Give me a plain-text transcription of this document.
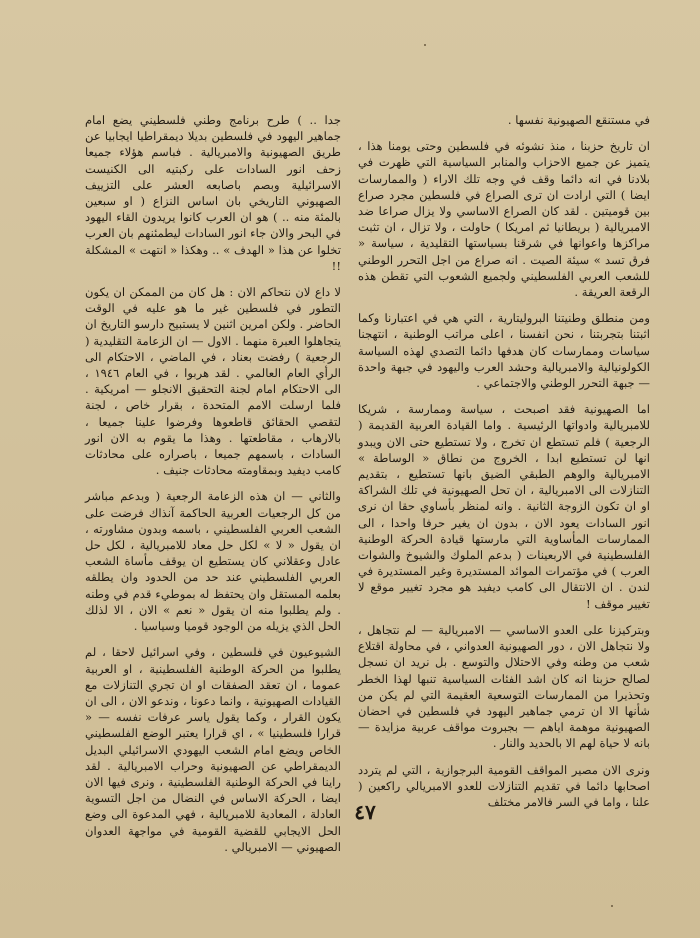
في مستنقع الصهيونية نفسها .

ان تاريخ حزبنا ، منذ نشوئه في فلسطين وحتى يومنا هذا ، يتميز عن جميع الاحزاب والمنابر السياسية التي ظهرت في بلادنا في انه دائما وقف في وجه تلك الاراء ( والممارسات ايضا ) التي ارادت ان ترى الصراع في فلسطين مجرد صراع بين قوميتين . لقد كان الصراع الاساسي ولا يزال صراعا ضد الامبريالية ( بريطانيا ثم امريكا ) حاولت ، ولا تزال ، ان تثبت مراكزها واعوانها في شرقنا بسياستها التقليدية ، سياسة « فرق تسد » سيئة الصيت . انه صراع من اجل التحرر الوطني للشعب العربي الفلسطيني ولجميع الشعوب التي تقطن هذه الرقعة العريقة .

ومن منطلق وطنيتنا البروليتارية ، التي هي في اعتبارنا وكما اثبتنا بتجربتنا ، نحن انفسنا ، اعلى مراتب الوطنية ، انتهجنا سياسات وممارسات كان هدفها دائما التصدي لهذه السياسة الكولونيالية والامبريالية وحشد العرب واليهود في جبهة واحدة — جبهة التحرر الوطني والاجتماعي .

اما الصهيونية فقد اصبحت ، سياسة وممارسة ، شريكا للامبريالية وادواتها الرئيسية . واما القيادة العربية القديمة ( الرجعية ) فلم تستطع ان تخرج ، ولا تستطيع حتى الان ويبدو انها لن تستطيع ابدا ، الخروج من نطاق « الوساطة » الامبريالية والوهم الطبقي الضيق بانها تستطيع ، بتقديم التنازلات الى الامبريالية ، ان تحل الصهيونية في تلك الشراكة او ان تكون الزوجة الثانية . وانه لمنظر بأساوي حقا ان نرى انور السادات يعود الان ، بدون ان يغير حرفا واحدا ، الى الممارسات المأساوية التي مارستها قيادة الحركة الوطنية الفلسطينية في الاربعينات ( بدعم الملوك والشيوخ والشوات العرب ) في مؤتمرات الموائد المستديرة وغير المستديرة في لندن . ان الانتقال الى كامب ديفيد هو مجرد تغيير موقع لا تغيير موقف !

وبتركيزنا على العدو الاساسي — الامبريالية — لم نتجاهل ، ولا نتجاهل الان ، دور الصهيونية العدواني ، في محاولة اقتلاع شعب من وطنه وفي الاحتلال والتوسع . بل نريد ان نسجل لصالح حزبنا انه كان اشد الفئات السياسية تنبها لهذا الخطر وتحذيرا من الممارسات التوسعية العقيمة التي لم يكن من شأنها الا ان ترمي جماهير اليهود في فلسطين في احضان الصهيونية موهمة اياهم — بجبروت مواقف عربية مزايدة — بانه لا حياة لهم الا بالحديد والنار .

ونرى الان مصير المواقف القومية البرجوازية ، التي لم يتردد اصحابها دائما في تقديم التنازلات للعدو الامبريالي راكعين ( علنا ، واما في السر فالامر مختلف

جدا .. ) طرح برنامج وطني فلسطيني يضع امام جماهير اليهود في فلسطين بديلا ديمقراطيا ايجابيا عن طريق الصهيونية والامبريالية . فباسم هؤلاء جميعا زحف انور السادات على ركبتيه الى الكنيست الاسرائيلية وبصم باصابعه العشر على التزييف الصهيوني التاريخي بان اساس النزاع ( او سبعين بالمئة منه .. ) هو ان العرب كانوا يريدون القاء اليهود في البحر والان جاء انور السادات ليطمئنهم بان العرب تخلوا عن هذا « الهدف » .. وهكذا « انتهت » المشكلة !!

لا داع لان نتحاكم الان : هل كان من الممكن ان يكون التطور في فلسطين غير ما هو عليه في الوقت الحاضر . ولكن امرين اثنين لا يستبيح دارسو التاريخ ان يتجاهلوا العبرة منهما . الاول — ان الزعامة التقليدية ( الرجعية ) رفضت بعناد ، في الماضي ، الاحتكام الى الرأي العام العالمي . لقد هربوا ، في العام ١٩٤٦ ، الى الاحتكام امام لجنة التحقيق الانجلو — امريكية . فلما ارسلت الامم المتحدة ، بقرار خاص ، لجنة لتقصي الحقائق قاطعوها وفرضوا علينا جميعا ، بالارهاب ، مقاطعتها . وهذا ما يقوم به الان انور السادات ، باسمهم جميعا ، باصراره على محادثات كامب ديفيد وبمقاومته محادثات جنيف .

والثاني — ان هذه الزعامة الرجعية ( وبدعم مباشر من كل الرجعيات العربية الحاكمة آنذاك فرضت على الشعب العربي الفلسطيني ، باسمه وبدون مشاورته ، ان يقول « لا » لكل حل معاد للامبريالية ، لكل حل عادل وعقلاني كان يستطيع ان يوقف مأساة الشعب العربي الفلسطيني عند حد من الحدود وان يطلقه بعلمه المستقل وان يحتفظ له بموطيء قدم في وطنه . ولم يطلبوا منه ان يقول « نعم » الان ، الا لذلك الحل الذي يزيله من الوجود قوميا وسياسيا .

الشيوعيون في فلسطين ، وفي اسرائيل لاحقا ، لم يطلبوا من الحركة الوطنية الفلسطينية ، او العربية عموما ، ان تعقد الصفقات او ان تجري التنازلات مع القيادات الصهيونية ، وانما دعونا ، وندعو الان ، الى ان يكون القرار ، وكما يقول ياسر عرفات نفسه — « قرارا فلسطينيا » ، اي قرارا يعتبر الوضع الفلسطيني الخاص ويضع امام الشعب اليهودي الاسرائيلي البديل الديمقراطي عن الصهيونية وحراب الامبريالية . لقد راينا في الحركة الوطنية الفلسطينية ، ونرى فيها الان ايضا ، الحركة الاساس في النضال من اجل التسوية العادلة ، المعادية للامبريالية ، فهي المدعوة الى وضع الحل الايجابي للقضية القومية في مواجهة العدوان الصهيوني — الامبريالي .

٤٧
